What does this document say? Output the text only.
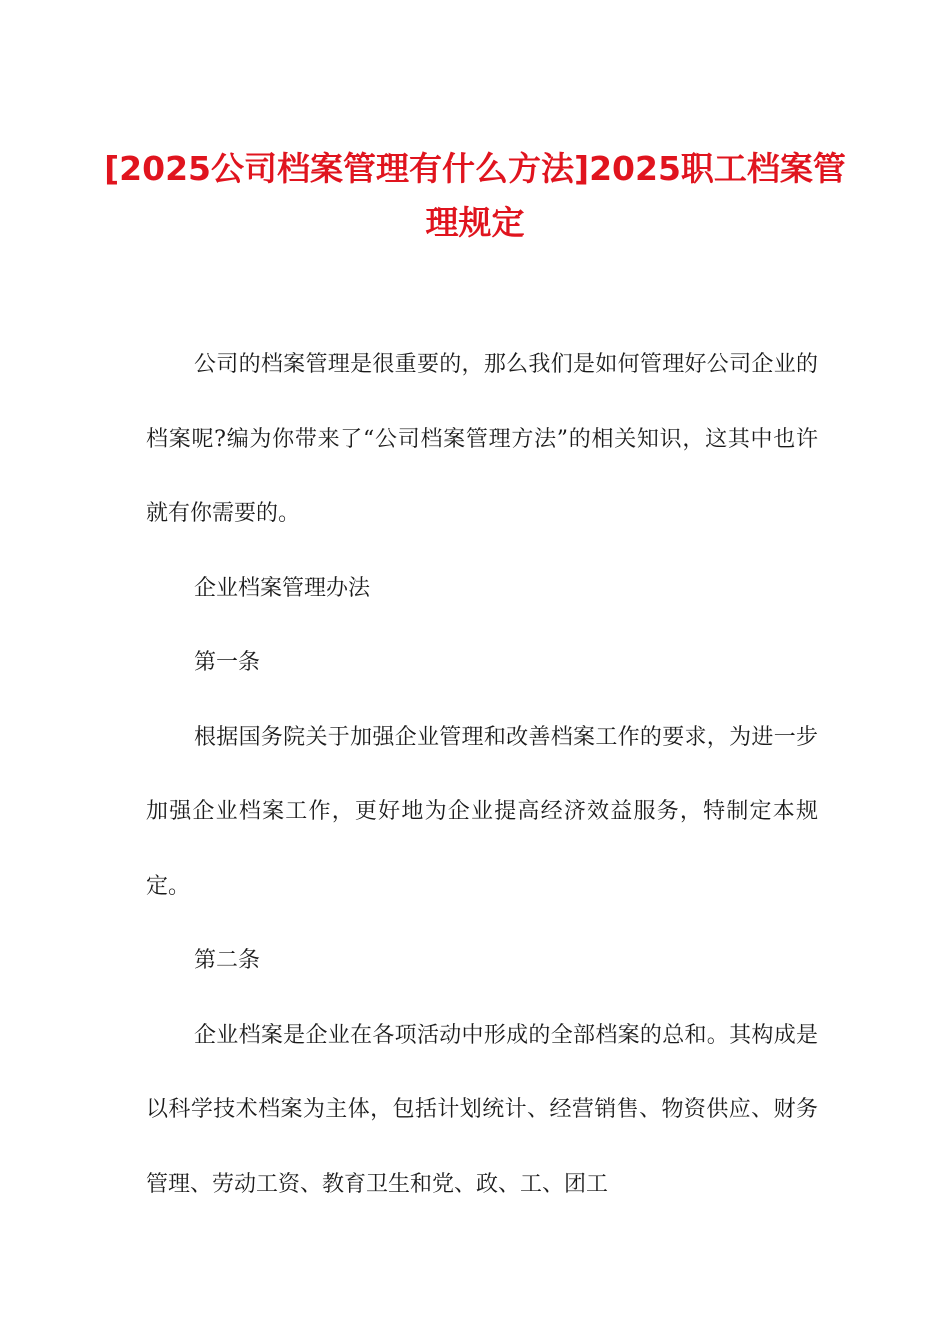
[2025公司档案管理有什么方法]2025职工档案管理规定

公司的档案管理是很重要的，那么我们是如何管理好公司企业的档案呢?编为你带来了“公司档案管理方法”的相关知识，这其中也许就有你需要的。

企业档案管理办法

第一条

根据国务院关于加强企业管理和改善档案工作的要求，为进一步加强企业档案工作，更好地为企业提高经济效益服务，特制定本规定。

第二条

企业档案是企业在各项活动中形成的全部档案的总和。其构成是以科学技术档案为主体，包括计划统计、经营销售、物资供应、财务管理、劳动工资、教育卫生和党、政、工、团工
